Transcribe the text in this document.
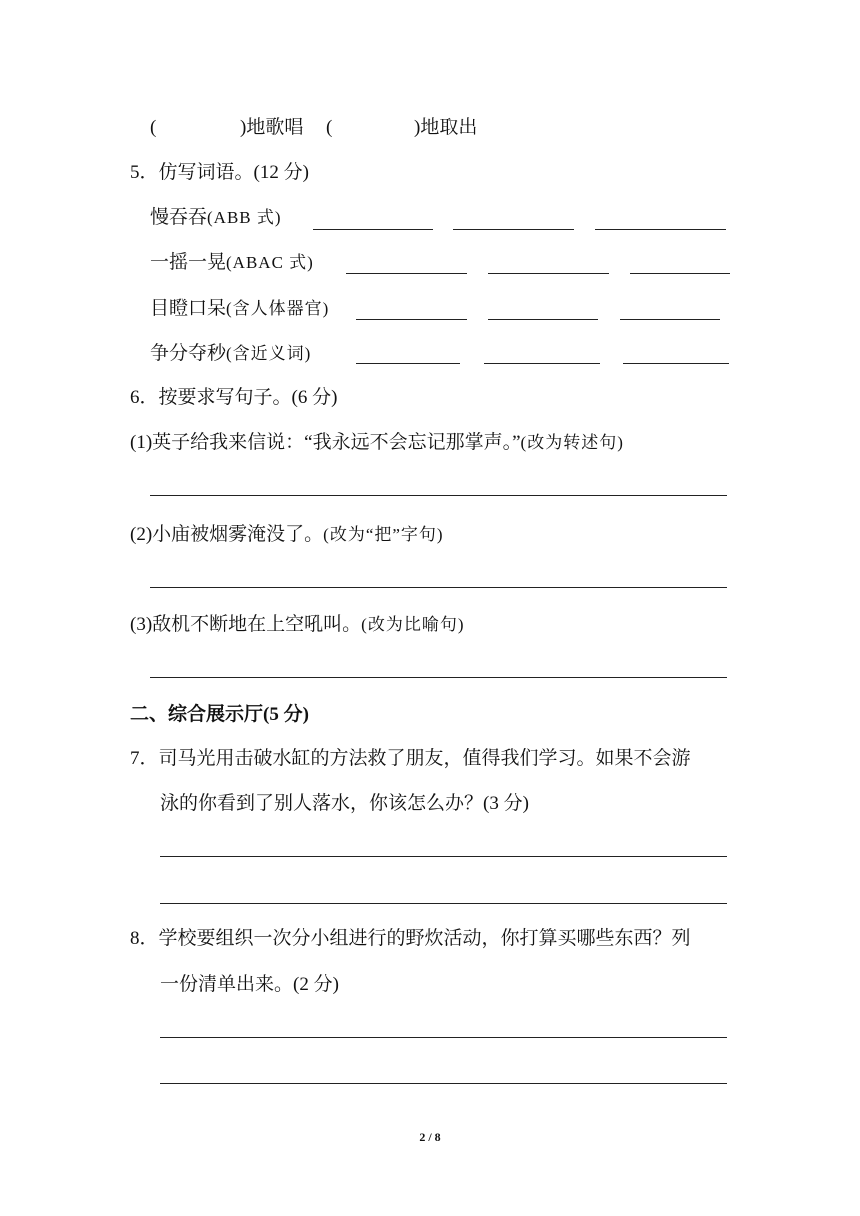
(	)地歌唱 (	)地取出
5．仿写词语。(12 分)
慢吞吞(ABB 式)
一摇一晃(ABAC 式)
目瞪口呆(含人体器官)
争分夺秒(含近义词)
6．按要求写句子。(6 分)
(1)英子给我来信说：“我永远不会忘记那掌声。”(改为转述句)
(2)小庙被烟雾淹没了。(改为“把”字句)
(3)敌机不断地在上空吼叫。(改为比喻句)
二、综合展示厅(5 分)
7．司马光用击破水缸的方法救了朋友，值得我们学习。如果不会游
泳的你看到了别人落水，你该怎么办？(3 分)
8．学校要组织一次分小组进行的野炊活动，你打算买哪些东西？列
一份清单出来。(2 分)
2 / 8
